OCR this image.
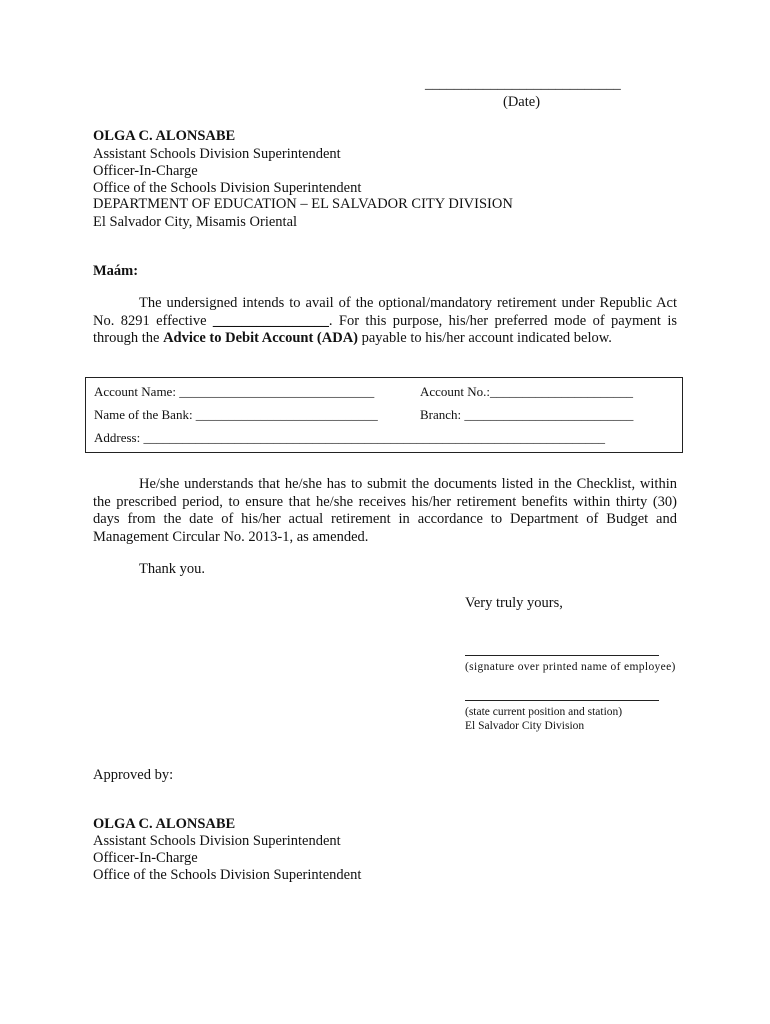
___________________________
(Date)
OLGA C. ALONSABE
Assistant Schools Division Superintendent
Officer-In-Charge
Office of the Schools Division Superintendent
DEPARTMENT OF EDUCATION – EL SALVADOR CITY DIVISION
El Salvador City, Misamis Oriental
Maám:
The undersigned intends to avail of the optional/mandatory retirement under Republic Act No. 8291 effective ________________. For this purpose, his/her preferred mode of payment is through the Advice to Debit Account (ADA) payable to his/her account indicated below.
Account Name: ______________________________	Account No.:______________________
Name of the Bank: ____________________________	Branch: __________________________
Address: _______________________________________________________________________
He/she understands that he/she has to submit the documents listed in the Checklist, within the prescribed period, to ensure that he/she receives his/her retirement benefits within thirty (30) days from the date of his/her actual retirement in accordance to Department of Budget and Management Circular No. 2013-1, as amended.
Thank you.
Very truly yours,
(signature over printed name of employee)
(state current position and station)
El Salvador City Division
Approved by:
OLGA C. ALONSABE
Assistant Schools Division Superintendent
Officer-In-Charge
Office of the Schools Division Superintendent
